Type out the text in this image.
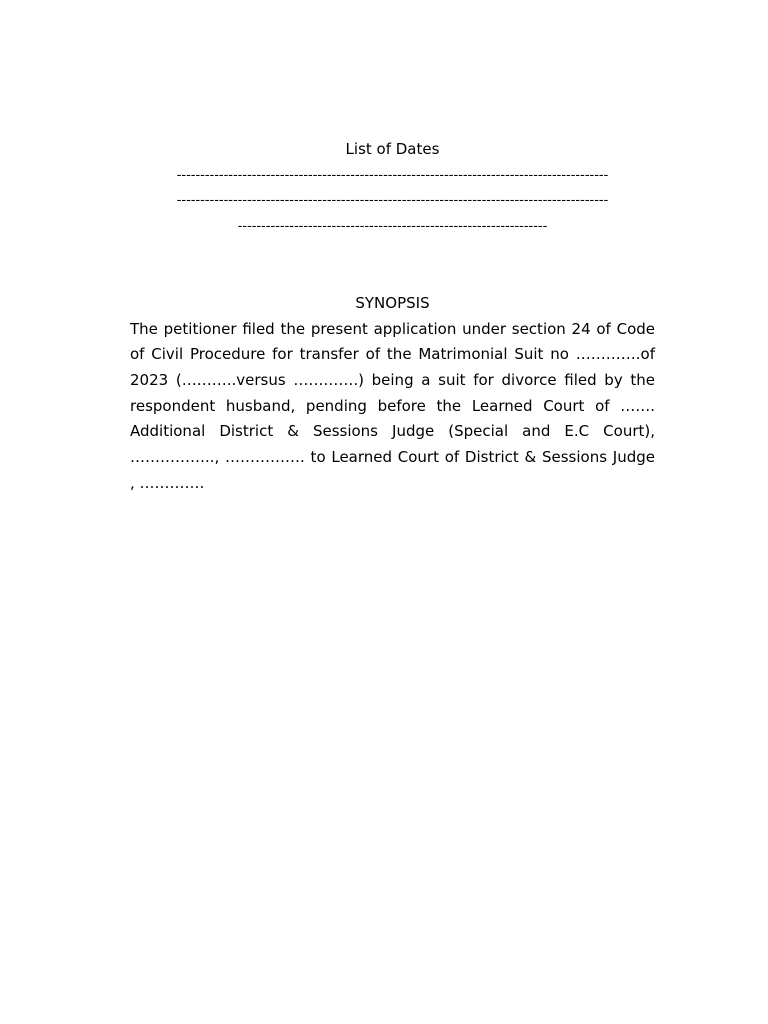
List of Dates
--------------------------------------------------------------------------------------------
--------------------------------------------------------------------------------------------
------------------------------------------------------------------
SYNOPSIS
The petitioner filed the present application under section 24 of Code of Civil Procedure for transfer of the Matrimonial Suit no ………….of 2023 (………..versus ………….) being a suit for divorce filed by the respondent husband, pending before the Learned Court of ……. Additional District & Sessions Judge (Special and E.C Court), …………….., ……………. to Learned Court of District & Sessions Judge , ………….
